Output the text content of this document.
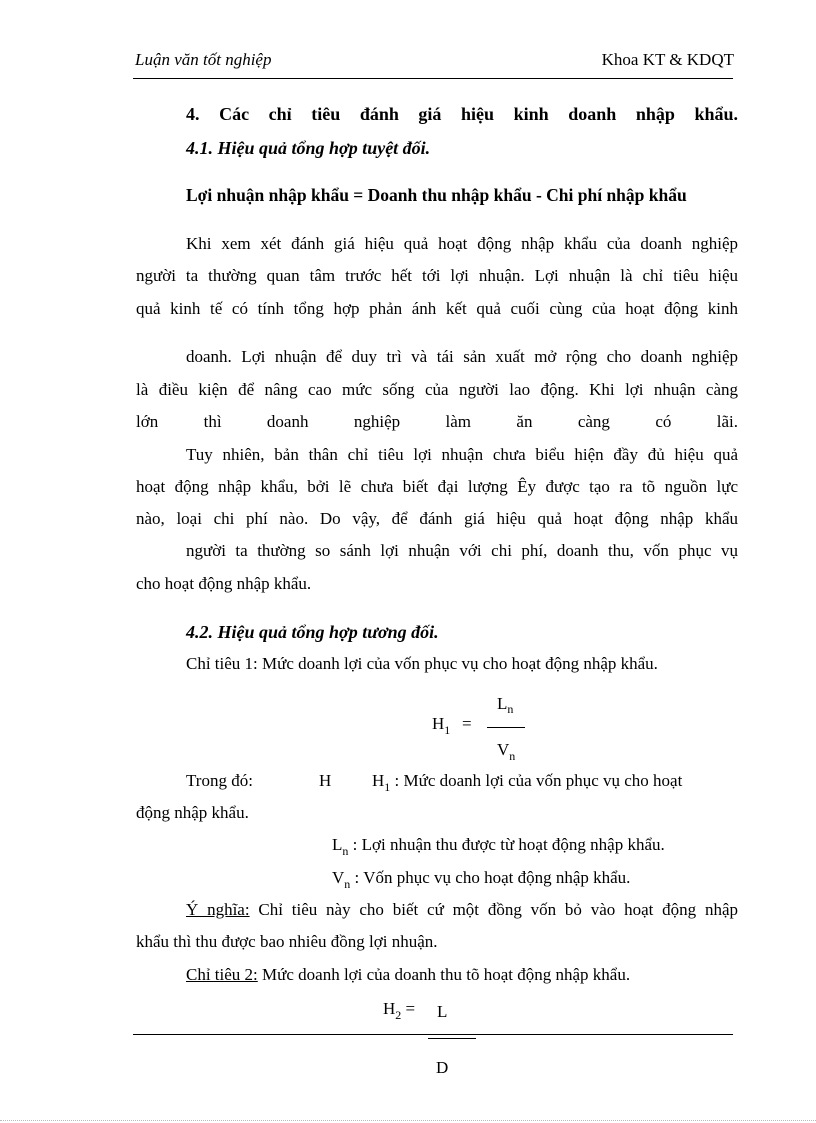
Luận văn tốt nghiệp	Khoa KT & KDQT
4. Các chỉ tiêu đánh giá hiệu kinh doanh nhập khẩu.
4.1. Hiệu quả tổng hợp tuyệt đối.
Lợi nhuận nhập khẩu = Doanh thu nhập khẩu - Chi phí nhập khẩu
Khi xem xét đánh giá hiệu quả hoạt động nhập khẩu của doanh nghiệp
người ta thường quan tâm trước hết tới lợi nhuận. Lợi nhuận là chỉ tiêu hiệu
quả kinh tế có tính tổng hợp phản ánh kết quả cuối cùng của hoạt động kinh
doanh. Lợi nhuận để duy trì và tái sản xuất mở rộng cho doanh nghiệp
là điều kiện để nâng cao mức sống của người lao động. Khi lợi nhuận càng
lớn thì doanh nghiệp làm ăn càng có lãi.
Tuy nhiên, bản thân chỉ tiêu lợi nhuận chưa biểu hiện đầy đủ hiệu quả
hoạt động nhập khẩu, bởi lẽ chưa biết đại lượng Êy được tạo ra tõ nguồn lực
nào, loại chi phí nào. Do vậy, để đánh giá hiệu quả hoạt động nhập khẩu
người ta thường so sánh lợi nhuận với chi phí, doanh thu, vốn phục vụ
cho hoạt động nhập khẩu.
4.2. Hiệu quả tổng hợp tương đối.
Chỉ tiêu 1: Mức doanh lợi của vốn phục vụ cho hoạt động nhập khẩu.
$H_1$ =
$L_n$
$V_n$
Trong đó:	H $H_1$ : Mức doanh lợi của vốn phục vụ cho hoạt
động nhập khẩu.
$L_n$ : Lợi nhuận thu được từ hoạt động nhập khẩu.
$V_n$ : Vốn phục vụ cho hoạt động nhập khẩu.
Ý nghĩa: Chỉ tiêu này cho biết cứ một đồng vốn bỏ vào hoạt động nhập
khẩu thì thu được bao nhiêu đồng lợi nhuận.
Chỉ tiêu 2: Mức doanh lợi của doanh thu tõ hoạt động nhập khẩu.
$H_2 = L$
D
